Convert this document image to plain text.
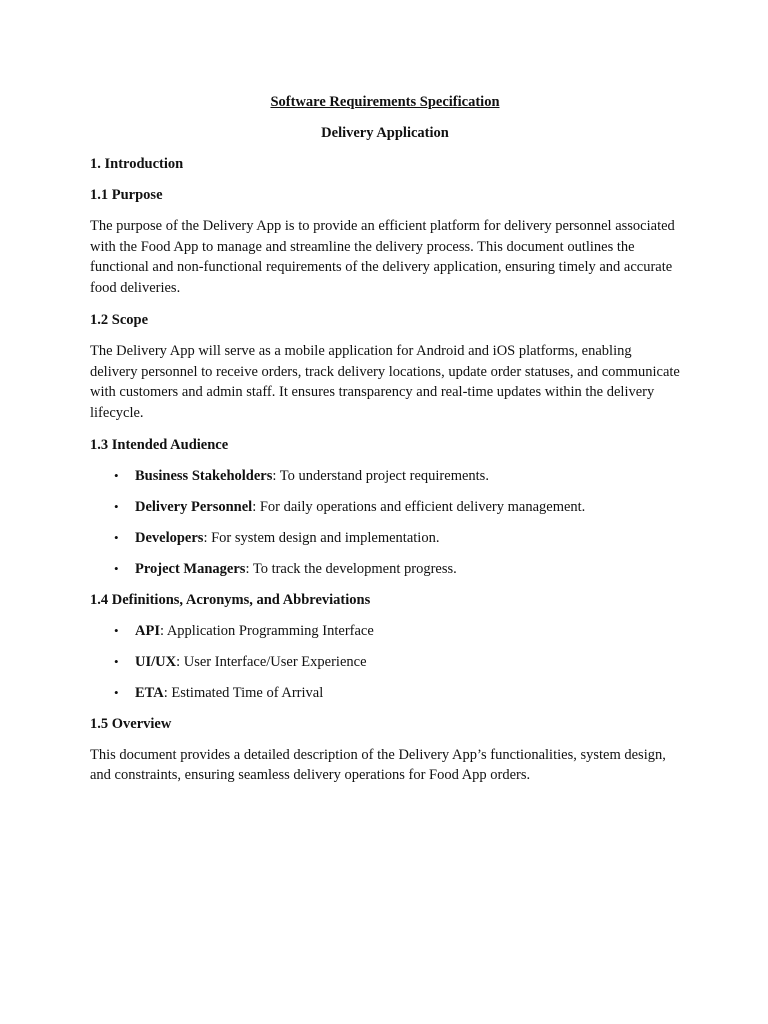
Software Requirements Specification
Delivery Application
1. Introduction
1.1 Purpose
The purpose of the Delivery App is to provide an efficient platform for delivery personnel associated with the Food App to manage and streamline the delivery process. This document outlines the functional and non-functional requirements of the delivery application, ensuring timely and accurate food deliveries.
1.2 Scope
The Delivery App will serve as a mobile application for Android and iOS platforms, enabling delivery personnel to receive orders, track delivery locations, update order statuses, and communicate with customers and admin staff. It ensures transparency and real-time updates within the delivery lifecycle.
1.3 Intended Audience
• Business Stakeholders: To understand project requirements.
• Delivery Personnel: For daily operations and efficient delivery management.
• Developers: For system design and implementation.
• Project Managers: To track the development progress.
1.4 Definitions, Acronyms, and Abbreviations
• API: Application Programming Interface
• UI/UX: User Interface/User Experience
• ETA: Estimated Time of Arrival
1.5 Overview
This document provides a detailed description of the Delivery App’s functionalities, system design, and constraints, ensuring seamless delivery operations for Food App orders.
